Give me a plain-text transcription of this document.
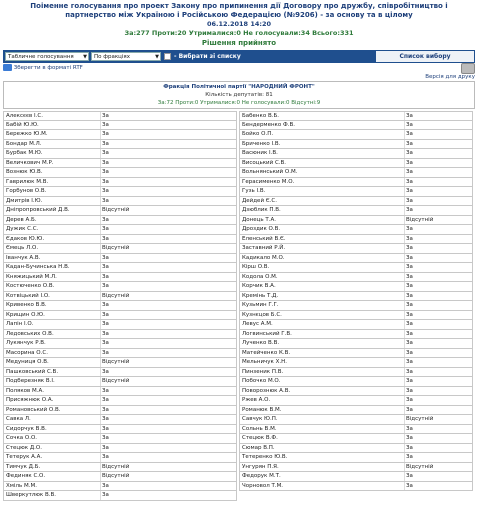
Поіменне голосування про проект Закону про припинення дії Договору про дружбу, співробітництво і партнерство між Україною і Російською Федерацією (№9206) - за основу та в цілому
06.12.2018 14:20
За:277 Проти:20 Утрималися:0 Не голосували:34 Всього:331
Рішення прийнято
Табличне голосування ▼	По фракціях	▼	- Вибрати зі списку	Список вибору
Зберегти в форматі RTF
Версія для друку
Фракція Політичної партії "НАРОДНИЙ ФРОНТ"
Кількість депутатів: 81
За:72 Проти:0 Утрималися:0 Не голосували:0 Відсутні:9
Алексєєв І.С.	За
Бабій Ю.Ю.	За
Бережко Ю.М.	За
Бондар М.Л.	За
Бурбак М.Ю.	За
Величкович М.Р.	За
Вознюк Ю.В.	За
Гаврилюк М.В.	За
Горбунов О.В.	За
Дмитрів І.Ю.	За
Дніпропровський Д.В.	Відсутній
Дерев А.Б.	За
Дужик С.С.	За
Єдаков Ю.Ю.	За
Ємець Л.О.	Відсутній
Іванчук А.В.	За
Кадан-Бучинська Н.В.	За
Княжицький М.Л.	За
Костюченко О.В.	За
Котвіцький І.О.	Відсутній
Кривенко В.В.	За
Крищин О.Ю.	За
Лапін І.О.	За
Ледовських О.В.	За
Лукянчук Р.В.	За
Масорина О.С.	За
Медуниця О.В.	Відсутній
Пашковський С.В.	За
Подберезняк В.І.	Відсутній
Поляков М.А.	За
Присяжнюк О.А.	За
Романовський О.В.	За
Савка Л.	За
Сидорчук В.В.	За
Сочка О.О.	За
Стецюк Д.О.	За
Тетерук А.А.	За
Тимчук Д.Б.	Відсутній
Фединяк С.О.	Відсутній
Хміль М.М.	За
Шверкутлюк В.В.	За
Бабенко В.Б.	За
Бендерменко Ф.В.	За
Бойко О.П.	За
Бриченко І.В.	За
Васюник І.В.	За
Висоцький С.В.	За
Вольнянський О.М.	За
Герасименко М.О.	За
Гузь І.В.	За
Дейдей Є.С.	За
Дзюблик П.В.	За
Донець Т.А.	Відсутній
Дроздик О.В.	За
Еленський В.Є.	За
Заставний Р.Й.	За
Кадикало М.О.	За
Кірш О.В.	За
Кодола О.М.	За
Корчик В.А.	За
Кремінь Т.Д.	За
Кузьмин Г.Г.	За
Кузнєцов Б.С.	За
Левус А.М.	За
Логвинський Г.В.	За
Лученко В.В.	За
Матейченко К.В.	За
Мельничук Х.Н.	За
Пинзеник П.В.	За
Побочко М.О.	За
Поворознюк А.В.	За
Ржев А.О.	За
Романюк В.М.	За
Савчук Ю.П.	Відсутній
Сольнь В.М.	За
Стецюк В.Ф.	За
Сюмар В.П.	За
Тетеренко Ю.В.	За
Унгурян П.Я.	Відсутній
Федорук М.Т.	За
Чорновол Т.М.	За
